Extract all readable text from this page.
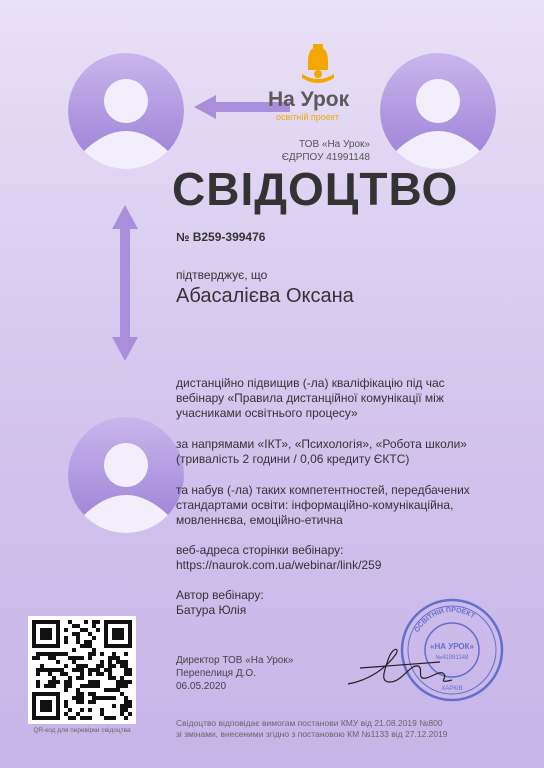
На Урок
освітній проект
ТОВ «На Урок»
ЄДРПОУ 41991148
СВІДОЦТВО
№ B259-399476
підтверджує, що
Абасалієва Оксана
дистанційно підвищив (-ла) кваліфікацію під час
вебінару «Правила дистанційної комунікації між
учасниками освітнього процесу»
за напрямами «ІКТ», «Психологія», «Робота школи»
(тривалість 2 години / 0,06 кредиту ЄКТС)
та набув (-ла) таких компетентностей, передбачених
стандартами освіти: інформаційно-комунікаційна,
мовленнєва, емоційно-етична
веб-адреса сторінки вебінару:
https://naurok.com.ua/webinar/link/259
Автор вебінару:
Батура Юлія
Директор ТОВ «На Урок»
Перепелиця Д.О.
06.05.2020
QR-код для перевірки свідоцтва
ОСВІТНІЙ ПРОЕКТ
«НА УРОК»
№41991148
ХАРКІВ
Свідоцтво відповідає вимогам постанови КМУ від 21.08.2019 №800
зі змінами, внесеними згідно з постановою КМ №1133 від 27.12.2019
